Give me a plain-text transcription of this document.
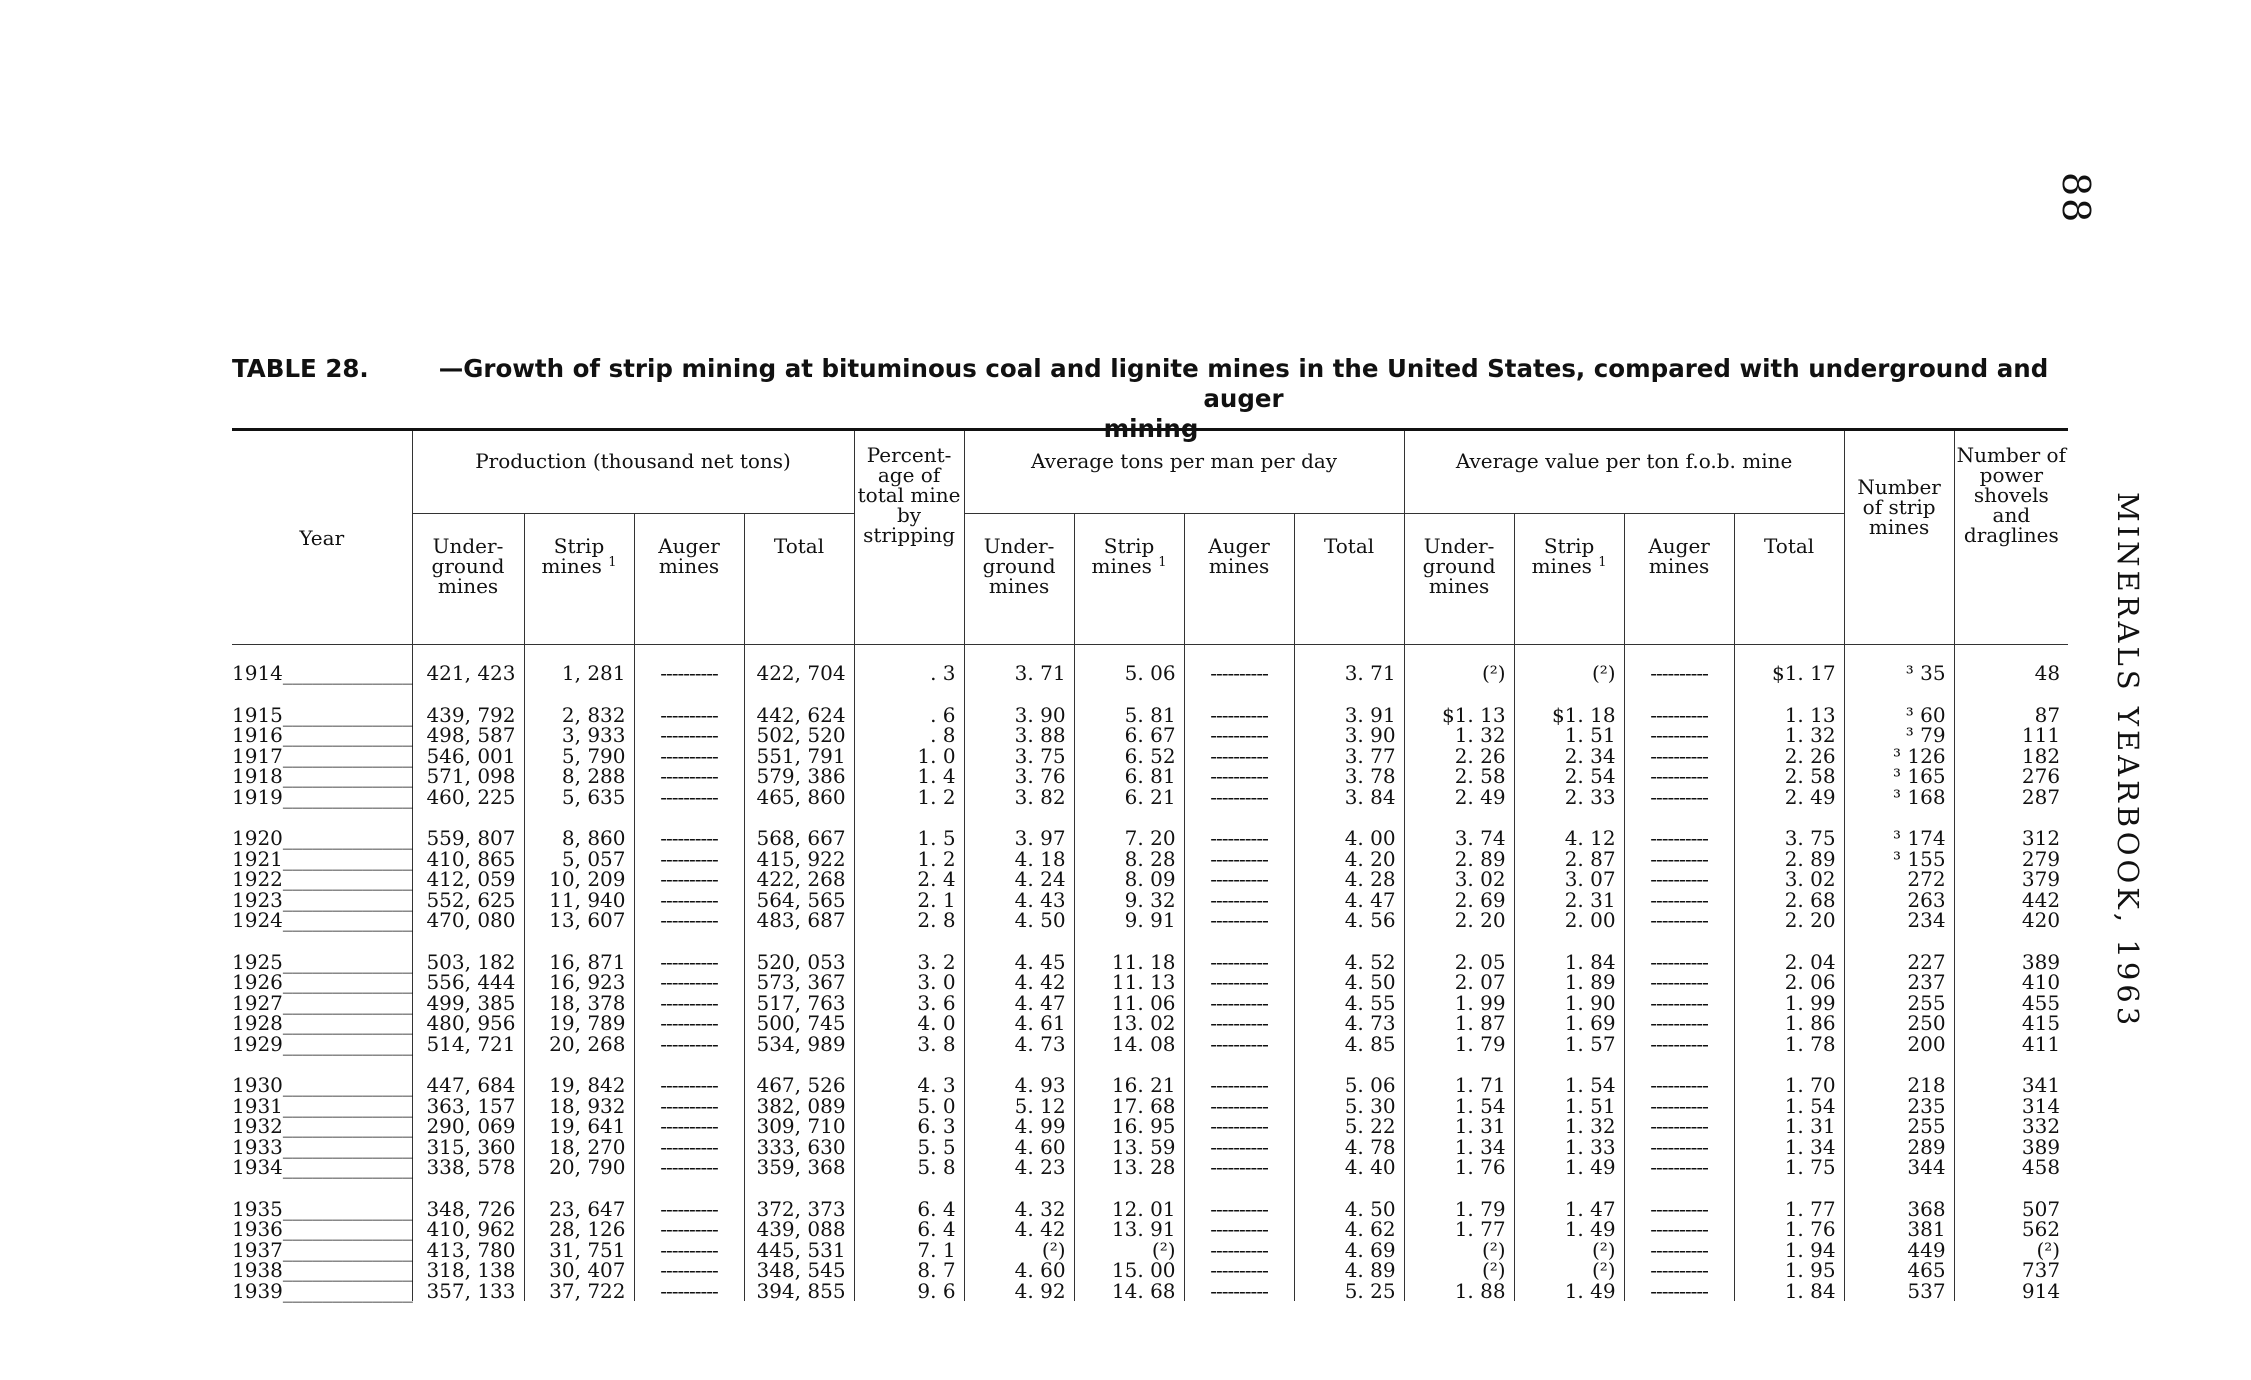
88
MINERALS YEARBOOK, 1963
TABLE 28.	—Growth of strip mining at bituminous coal and lignite mines in the United States, compared with underground and auger
mining
Year	Production (thousand net tons)				Percent-age of total mine by stripping	Average tons per man per day				Average value per ton f.o.b. mine				Number of strip mines	Number of power shovels and draglines
	Under-ground mines	Strip mines $^1$	Auger mines	Total		Under-ground mines	Strip mines $^1$	Auger mines	Total	Under-ground mines	Strip mines $^1$	Auger mines	Total		

1914_____________	421, 423	1, 281	----------	422, 704	. 3	3. 71	5. 06	----------	3. 71	(²)	(²)	----------	$1. 17	³ 35	48
1915_____________	439, 792	2, 832	----------	442, 624	. 6	3. 90	5. 81	----------	3. 91	$1. 13	$1. 18	----------	1. 13	³ 60	87
1916_____________	498, 587	3, 933	----------	502, 520	. 8	3. 88	6. 67	----------	3. 90	1. 32	1. 51	----------	1. 32	³ 79	111
1917_____________	546, 001	5, 790	----------	551, 791	1. 0	3. 75	6. 52	----------	3. 77	2. 26	2. 34	----------	2. 26	³ 126	182
1918_____________	571, 098	8, 288	----------	579, 386	1. 4	3. 76	6. 81	----------	3. 78	2. 58	2. 54	----------	2. 58	³ 165	276
1919_____________	460, 225	5, 635	----------	465, 860	1. 2	3. 82	6. 21	----------	3. 84	2. 49	2. 33	----------	2. 49	³ 168	287
1920_____________	559, 807	8, 860	----------	568, 667	1. 5	3. 97	7. 20	----------	4. 00	3. 74	4. 12	----------	3. 75	³ 174	312
1921_____________	410, 865	5, 057	----------	415, 922	1. 2	4. 18	8. 28	----------	4. 20	2. 89	2. 87	----------	2. 89	³ 155	279
1922_____________	412, 059	10, 209	----------	422, 268	2. 4	4. 24	8. 09	----------	4. 28	3. 02	3. 07	----------	3. 02	272	379
1923_____________	552, 625	11, 940	----------	564, 565	2. 1	4. 43	9. 32	----------	4. 47	2. 69	2. 31	----------	2. 68	263	442
1924_____________	470, 080	13, 607	----------	483, 687	2. 8	4. 50	9. 91	----------	4. 56	2. 20	2. 00	----------	2. 20	234	420
1925_____________	503, 182	16, 871	----------	520, 053	3. 2	4. 45	11. 18	----------	4. 52	2. 05	1. 84	----------	2. 04	227	389
1926_____________	556, 444	16, 923	----------	573, 367	3. 0	4. 42	11. 13	----------	4. 50	2. 07	1. 89	----------	2. 06	237	410
1927_____________	499, 385	18, 378	----------	517, 763	3. 6	4. 47	11. 06	----------	4. 55	1. 99	1. 90	----------	1. 99	255	455
1928_____________	480, 956	19, 789	----------	500, 745	4. 0	4. 61	13. 02	----------	4. 73	1. 87	1. 69	----------	1. 86	250	415
1929_____________	514, 721	20, 268	----------	534, 989	3. 8	4. 73	14. 08	----------	4. 85	1. 79	1. 57	----------	1. 78	200	411
1930_____________	447, 684	19, 842	----------	467, 526	4. 3	4. 93	16. 21	----------	5. 06	1. 71	1. 54	----------	1. 70	218	341
1931_____________	363, 157	18, 932	----------	382, 089	5. 0	5. 12	17. 68	----------	5. 30	1. 54	1. 51	----------	1. 54	235	314
1932_____________	290, 069	19, 641	----------	309, 710	6. 3	4. 99	16. 95	----------	5. 22	1. 31	1. 32	----------	1. 31	255	332
1933_____________	315, 360	18, 270	----------	333, 630	5. 5	4. 60	13. 59	----------	4. 78	1. 34	1. 33	----------	1. 34	289	389
1934_____________	338, 578	20, 790	----------	359, 368	5. 8	4. 23	13. 28	----------	4. 40	1. 76	1. 49	----------	1. 75	344	458
1935_____________	348, 726	23, 647	----------	372, 373	6. 4	4. 32	12. 01	----------	4. 50	1. 79	1. 47	----------	1. 77	368	507
1936_____________	410, 962	28, 126	----------	439, 088	6. 4	4. 42	13. 91	----------	4. 62	1. 77	1. 49	----------	1. 76	381	562
1937_____________	413, 780	31, 751	----------	445, 531	7. 1	(²)	(²)	----------	4. 69	(²)	(²)	----------	1. 94	449	(²)
1938_____________	318, 138	30, 407	----------	348, 545	8. 7	4. 60	15. 00	----------	4. 89	(²)	(²)	----------	1. 95	465	737
1939_____________	357, 133	37, 722	----------	394, 855	9. 6	4. 92	14. 68	----------	5. 25	1. 88	1. 49	----------	1. 84	537	914
